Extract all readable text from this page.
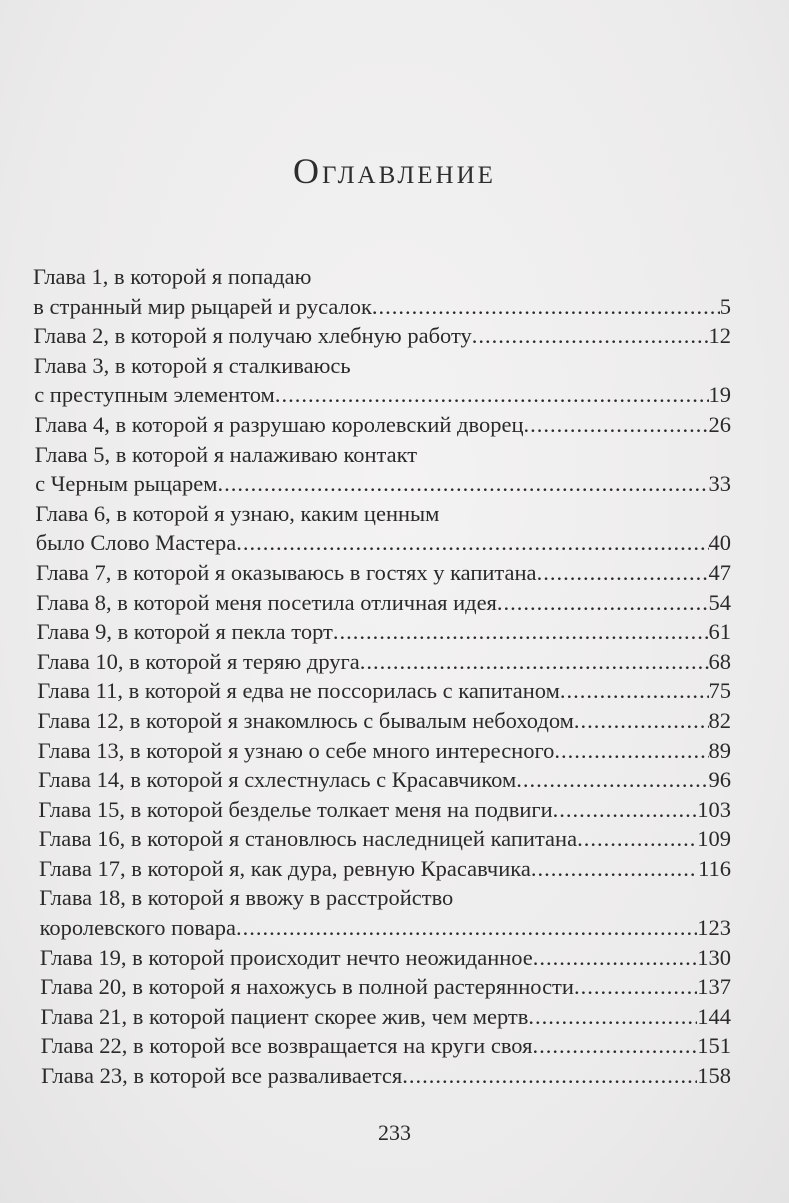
Оглавление
Глава 1, в которой я попадаю
в странный мир рыцарей и русалок .....	5
Глава 2, в которой я получаю хлебную работу .....	12
Глава 3, в которой я сталкиваюсь
с преступным элементом .....	19
Глава 4, в которой я разрушаю королевский дворец .....	26
Глава 5, в которой я налаживаю контакт
с Черным рыцарем .....	33
Глава 6, в которой я узнаю, каким ценным
было Слово Мастера .....	40
Глава 7, в которой я оказываюсь в гостях у капитана .....	47
Глава 8, в которой меня посетила отличная идея .....	54
Глава 9, в которой я пекла торт .....	61
Глава 10, в которой я теряю друга .....	68
Глава 11, в которой я едва не поссорилась с капитаном .....	75
Глава 12, в которой я знакомлюсь с бывалым небоходом .....	82
Глава 13, в которой я узнаю о себе много интересного .....	89
Глава 14, в которой я схлестнулась с Красавчиком .....	96
Глава 15, в которой безделье толкает меня на подвиги .....	103
Глава 16, в которой я становлюсь наследницей капитана .....	109
Глава 17, в которой я, как дура, ревную Красавчика .....	116
Глава 18, в которой я ввожу в расстройство
королевского повара .....	123
Глава 19, в которой происходит нечто неожиданное .....	130
Глава 20, в которой я нахожусь в полной растерянности .....	137
Глава 21, в которой пациент скорее жив, чем мертв .....	144
Глава 22, в которой все возвращается на круги своя .....	151
Глава 23, в которой все разваливается .....	158
233
